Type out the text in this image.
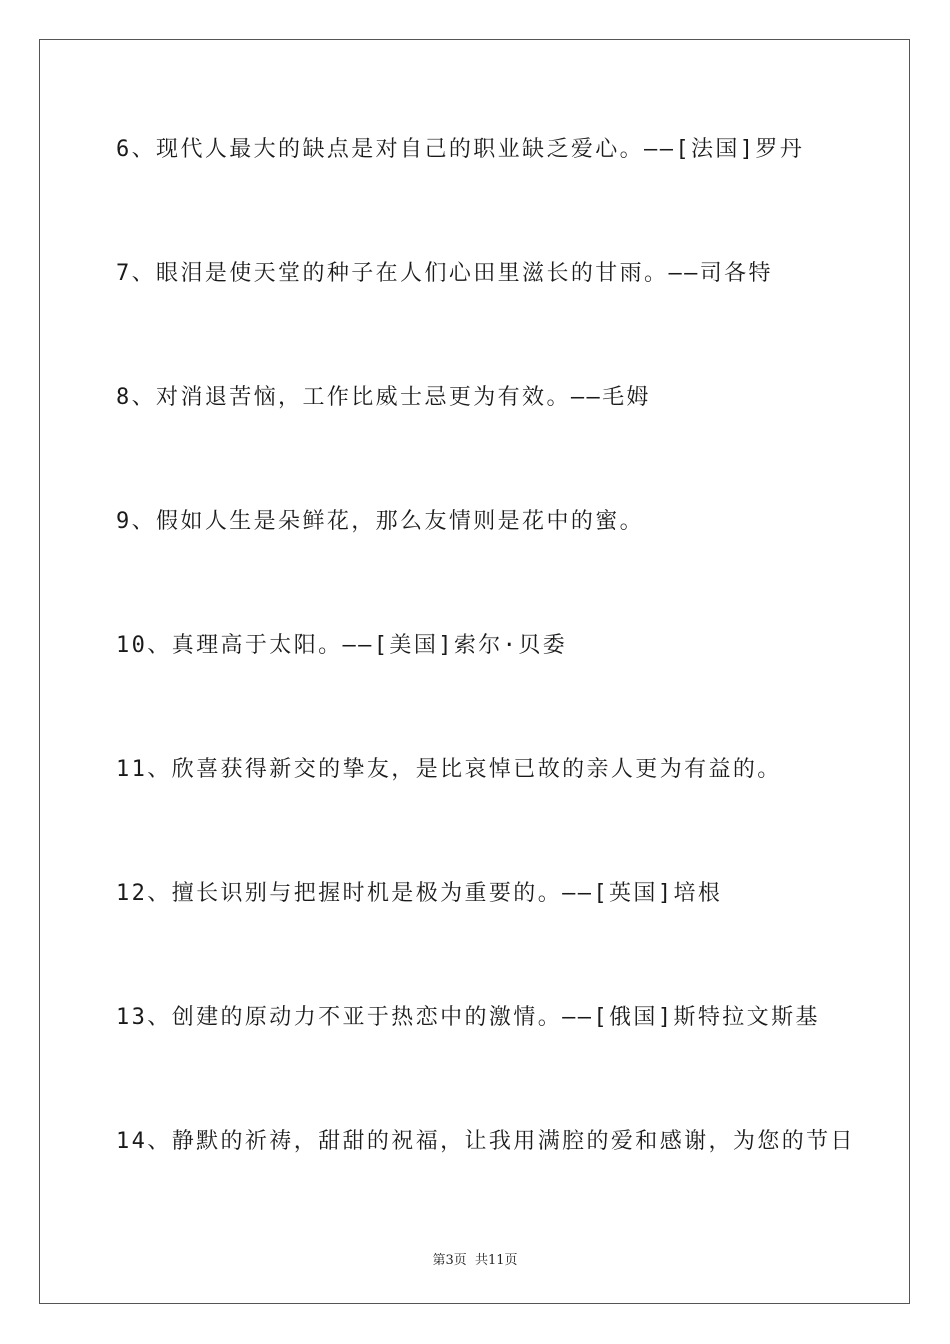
6、现代人最大的缺点是对自己的职业缺乏爱心。——[法国]罗丹
7、眼泪是使天堂的种子在人们心田里滋长的甘雨。——司各特
8、对消退苦恼，工作比威士忌更为有效。——毛姆
9、假如人生是朵鲜花，那么友情则是花中的蜜。
10、真理高于太阳。——[美国]索尔·贝委
11、欣喜获得新交的挚友，是比哀悼已故的亲人更为有益的。
12、擅长识别与把握时机是极为重要的。——[英国]培根
13、创建的原动力不亚于热恋中的激情。——[俄国]斯特拉文斯基
14、静默的祈祷，甜甜的祝福，让我用满腔的爱和感谢，为您的节日
第3页 共11页
